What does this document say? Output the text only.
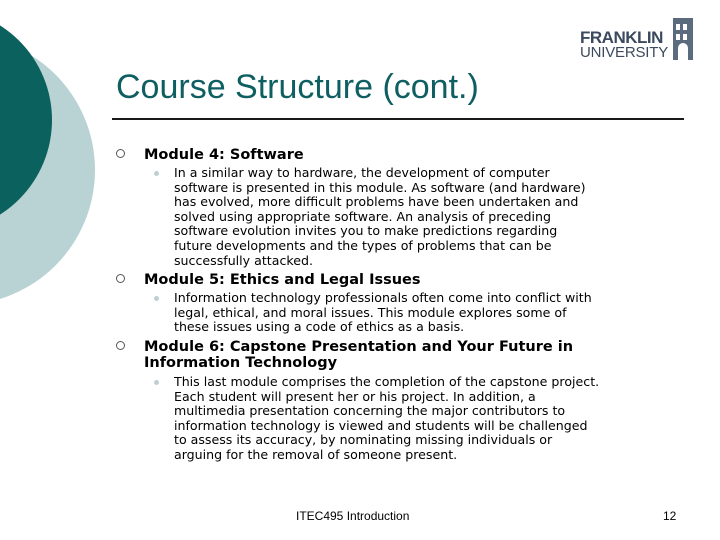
FRANKLIN
UNIVERSITY
Course Structure (cont.)
Module 4: Software
In a similar way to hardware, the development of computer
software is presented in this module. As software (and hardware)
has evolved, more difficult problems have been undertaken and
solved using appropriate software. An analysis of preceding
software evolution invites you to make predictions regarding
future developments and the types of problems that can be
successfully attacked.
Module 5: Ethics and Legal Issues
Information technology professionals often come into conflict with
legal, ethical, and moral issues. This module explores some of
these issues using a code of ethics as a basis.
Module 6: Capstone Presentation and Your Future in
Information Technology
This last module comprises the completion of the capstone project.
Each student will present her or his project. In addition, a
multimedia presentation concerning the major contributors to
information technology is viewed and students will be challenged
to assess its accuracy, by nominating missing individuals or
arguing for the removal of someone present.
ITEC495 Introduction	12
